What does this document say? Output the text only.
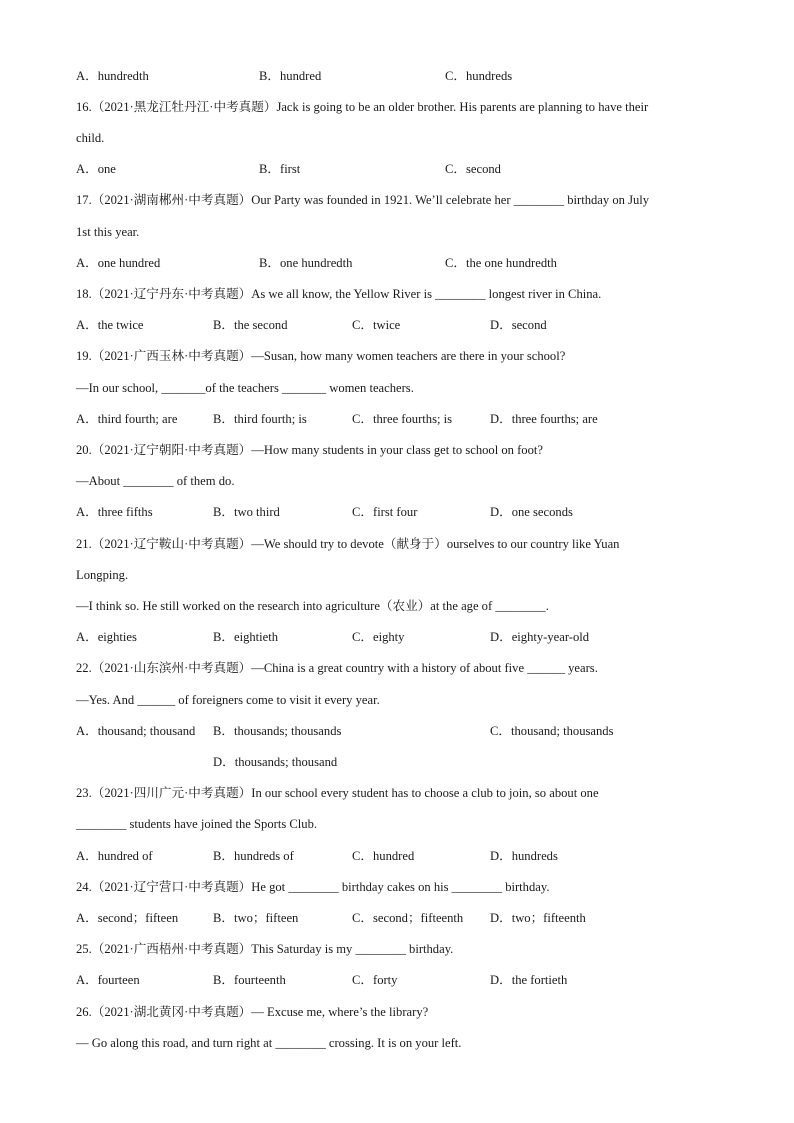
A．hundredth	B．hundred	C．hundreds
16.（2021·黑龙江牡丹江·中考真题）Jack is going to be an older brother. His parents are planning to have their
child.
A．one	B．first	C．second
17.（2021·湖南郴州·中考真题）Our Party was founded in 1921. We’ll celebrate her ________ birthday on July
1st this year.
A．one hundred	B．one hundredth	C．the one hundredth
18.（2021·辽宁丹东·中考真题）As we all know, the Yellow River is ________ longest river in China.
A．the twice	B．the second	C．twice	D．second
19.（2021·广西玉林·中考真题）—Susan, how many women teachers are there in your school?
—In our school, _______of the teachers _______ women teachers.
A．third fourth; are	B．third fourth; is	C．three fourths; is	D．three fourths; are
20.（2021·辽宁朝阳·中考真题）—How many students in your class get to school on foot?
—About ________ of them do.
A．three fifths	B．two third	C．first four	D．one seconds
21.（2021·辽宁鞍山·中考真题）—We should try to devote（献身于）ourselves to our country like Yuan
Longping.
—I think so. He still worked on the research into agriculture（农业）at the age of ________.
A．eighties	B．eightieth	C．eighty	D．eighty-year-old
22.（2021·山东滨州·中考真题）—China is a great country with a history of about five ______ years.
—Yes. And ______ of foreigners come to visit it every year.
A．thousand; thousand B．thousands; thousands	C．thousand; thousands
D．thousands; thousand
23.（2021·四川广元·中考真题）In our school every student has to choose a club to join, so about one
________ students have joined the Sports Club.
A．hundred of	B．hundreds of	C．hundred	D．hundreds
24.（2021·辽宁营口·中考真题）He got ________ birthday cakes on his ________ birthday.
A．second；fifteen	B．two；fifteen	C．second；fifteenth D．two；fifteenth
25.（2021·广西梧州·中考真题）This Saturday is my ________ birthday.
A．fourteen	B．fourteenth	C．forty	D．the fortieth
26.（2021·湖北黄冈·中考真题）— Excuse me, where’s the library?
— Go along this road, and turn right at ________ crossing. It is on your left.
